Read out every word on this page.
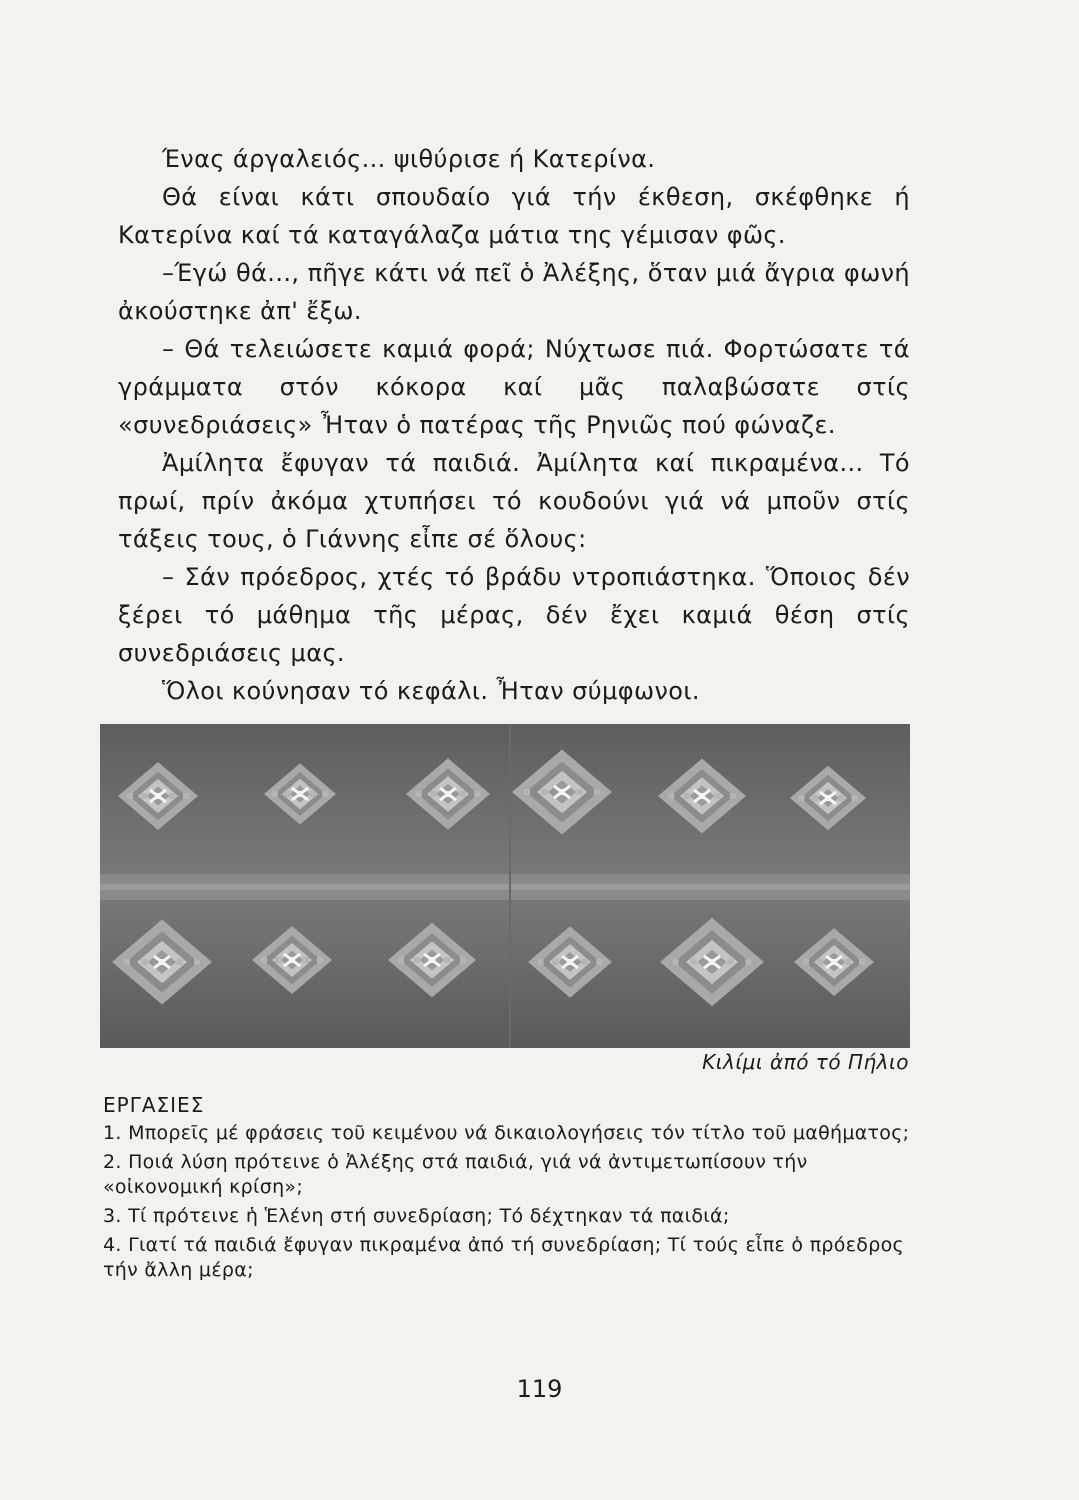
Ένας άργαλειός... ψιθύρισε ή Κατερίνα.

Θά είναι κάτι σπουδαίο γιά τήν έκθεση, σκέφθηκε ή Κατερίνα καί τά καταγάλαζα μάτια της γέμισαν φῶς.

–Έγώ θά..., πῆγε κάτι νά πεῖ ὁ Ἀλέξης, ὅταν μιά ἄγρια φωνή ἀκούστηκε ἀπ' ἔξω.

– Θά τελειώσετε καμιά φορά; Νύχτωσε πιά. Φορτώσατε τά γράμματα στόν κόκορα καί μᾶς παλαβώσατε στίς «συνεδριάσεις» Ἦταν ὁ πατέρας τῆς Ρηνιῶς πού φώναζε.

Ἀμίλητα ἔφυγαν τά παιδιά. Ἀμίλητα καί πικραμένα... Τό πρωί, πρίν ἀκόμα χτυπήσει τό κουδούνι γιά νά μποῦν στίς τάξεις τους, ὁ Γιάννης εἶπε σέ ὅλους:

– Σάν πρόεδρος, χτές τό βράδυ ντροπιάστηκα. Ὅποιος δέν ξέρει τό μάθημα τῆς μέρας, δέν ἔχει καμιά θέση στίς συνεδριάσεις μας.

Ὅλοι κούνησαν τό κεφάλι. Ἦταν σύμφωνοι.

Κιλίμι ἀπό τό Πήλιο
ΕΡΓΑΣΙΕΣ

1. Μπορεῖς μέ φράσεις τοῦ κειμένου νά δικαιολογήσεις τόν τίτλο τοῦ μαθήματος;

2. Ποιά λύση πρότεινε ὁ Ἀλέξης στά παιδιά, γιά νά ἀντιμετωπίσουν τήν «οἰκονομική κρίση»;

3. Τί πρότεινε ἡ Ἑλένη στή συνεδρίαση; Τό δέχτηκαν τά παιδιά;

4. Γιατί τά παιδιά ἔφυγαν πικραμένα ἀπό τή συνεδρίαση; Τί τούς εἶπε ὁ πρόεδρος τήν ἄλλη μέρα;

119
